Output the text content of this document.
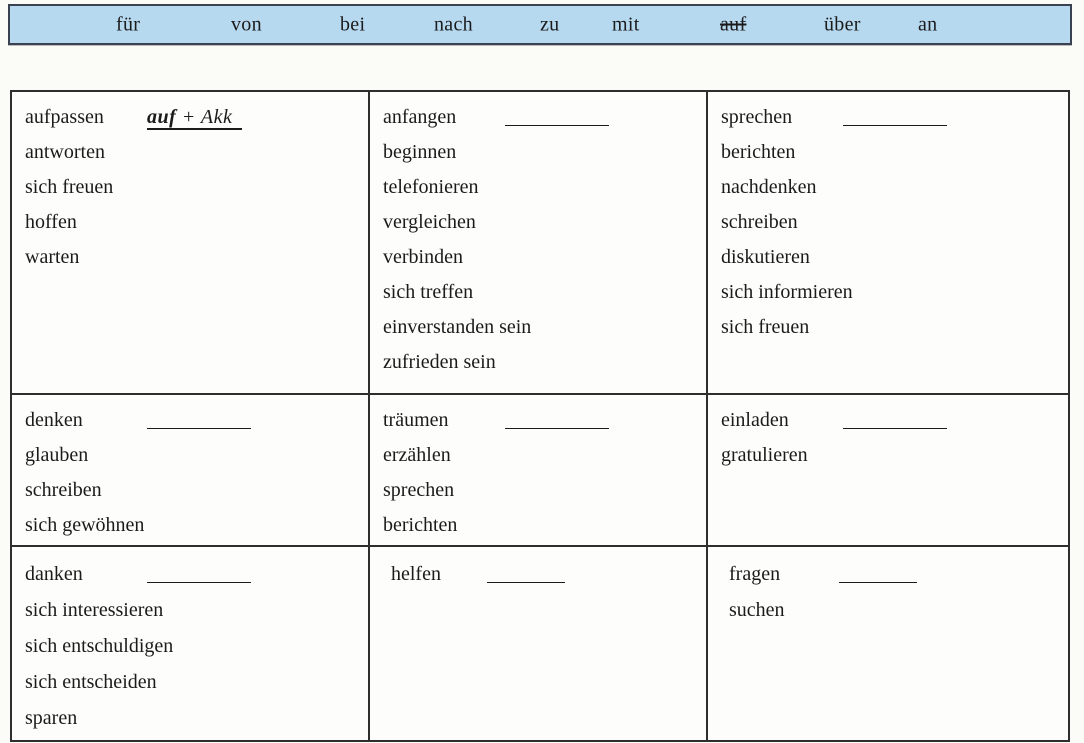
für	von	bei	nach	zu	mit	auf	über	an
aufpassen auf + Akk
antworten
sich freuen
hoffen
warten
anfangen
beginnen
telefonieren
vergleichen
verbinden
sich treffen
einverstanden sein
zufrieden sein
sprechen
berichten
nachdenken
schreiben
diskutieren
sich informieren
sich freuen
denken
glauben
schreiben
sich gewöhnen
träumen
erzählen
sprechen
berichten
einladen
gratulieren
danken
sich interessieren
sich entschuldigen
sich entscheiden
sparen
helfen	fragen
suchen
